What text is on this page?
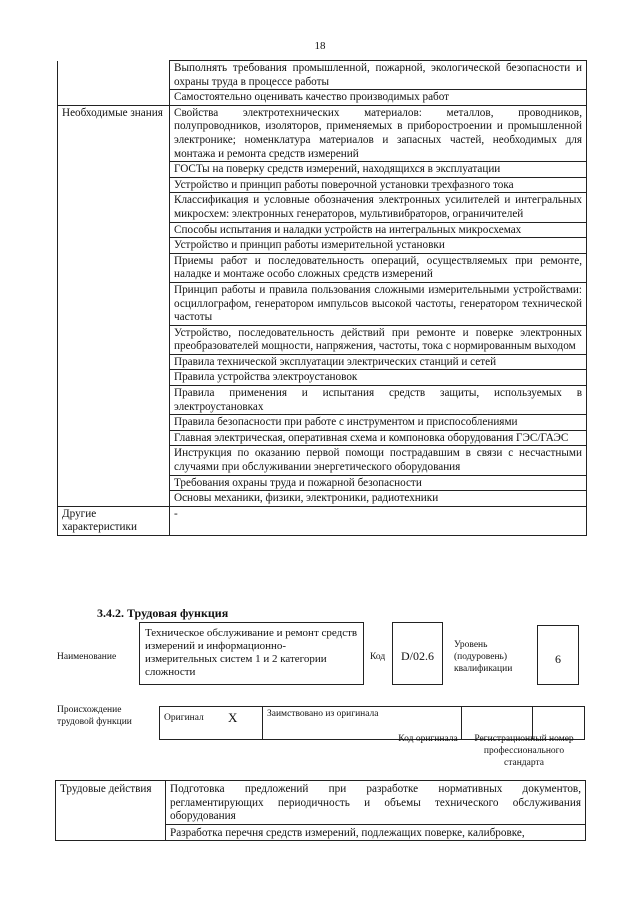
18
	Выполнять требования промышленной, пожарной, экологической безопасности и охраны труда в процессе работы
	Самостоятельно оценивать качество производимых работ
Необходимые знания	Свойства электротехнических материалов: металлов, проводников, полупроводников, изоляторов, применяемых в приборостроении и промышленной электронике; номенклатура материалов и запасных частей, необходимых для монтажа и ремонта средств измерений
	ГОСТы на поверку средств измерений, находящихся в эксплуатации
	Устройство и принцип работы поверочной установки трехфазного тока
	Классификация и условные обозначения электронных усилителей и интегральных микросхем: электронных генераторов, мультивибраторов, ограничителей
	Способы испытания и наладки устройств на интегральных микросхемах
	Устройство и принцип работы измерительной установки
	Приемы работ и последовательность операций, осуществляемых при ремонте, наладке и монтаже особо сложных средств измерений
	Принцип работы и правила пользования сложными измерительными устройствами: осциллографом, генератором импульсов высокой частоты, генератором технической частоты
	Устройство, последовательность действий при ремонте и поверке электронных преобразователей мощности, напряжения, частоты, тока с нормированным выходом
	Правила технической эксплуатации электрических станций и сетей
	Правила устройства электроустановок
	Правила применения и испытания средств защиты, используемых в электроустановках
	Правила безопасности при работе с инструментом и приспособлениями
	Главная электрическая, оперативная схема и компоновка оборудования ГЭС/ГАЭС
	Инструкция по оказанию первой помощи пострадавшим в связи с несчастными случаями при обслуживании энергетического оборудования
	Требования охраны труда и пожарной безопасности
	Основы механики, физики, электроники, радиотехники
Другие характеристики	-
3.4.2. Трудовая функция
Наименование
Техническое обслуживание и ремонт средств измерений и информационно-измерительных систем 1 и 2 категории сложности
Код	D/02.6
Уровень (подуровень) квалификации
6
Происхождение трудовой функции	Оригинал	X	Заимствовано из оригинала		
Код оригинала	Регистрационный номер профессионального стандарта
Трудовые действия	Подготовка предложений при разработке нормативных документов, регламентирующих периодичность и объемы технического обслуживания оборудования
Разработка перечня средств измерений, подлежащих поверке, калибровке,
